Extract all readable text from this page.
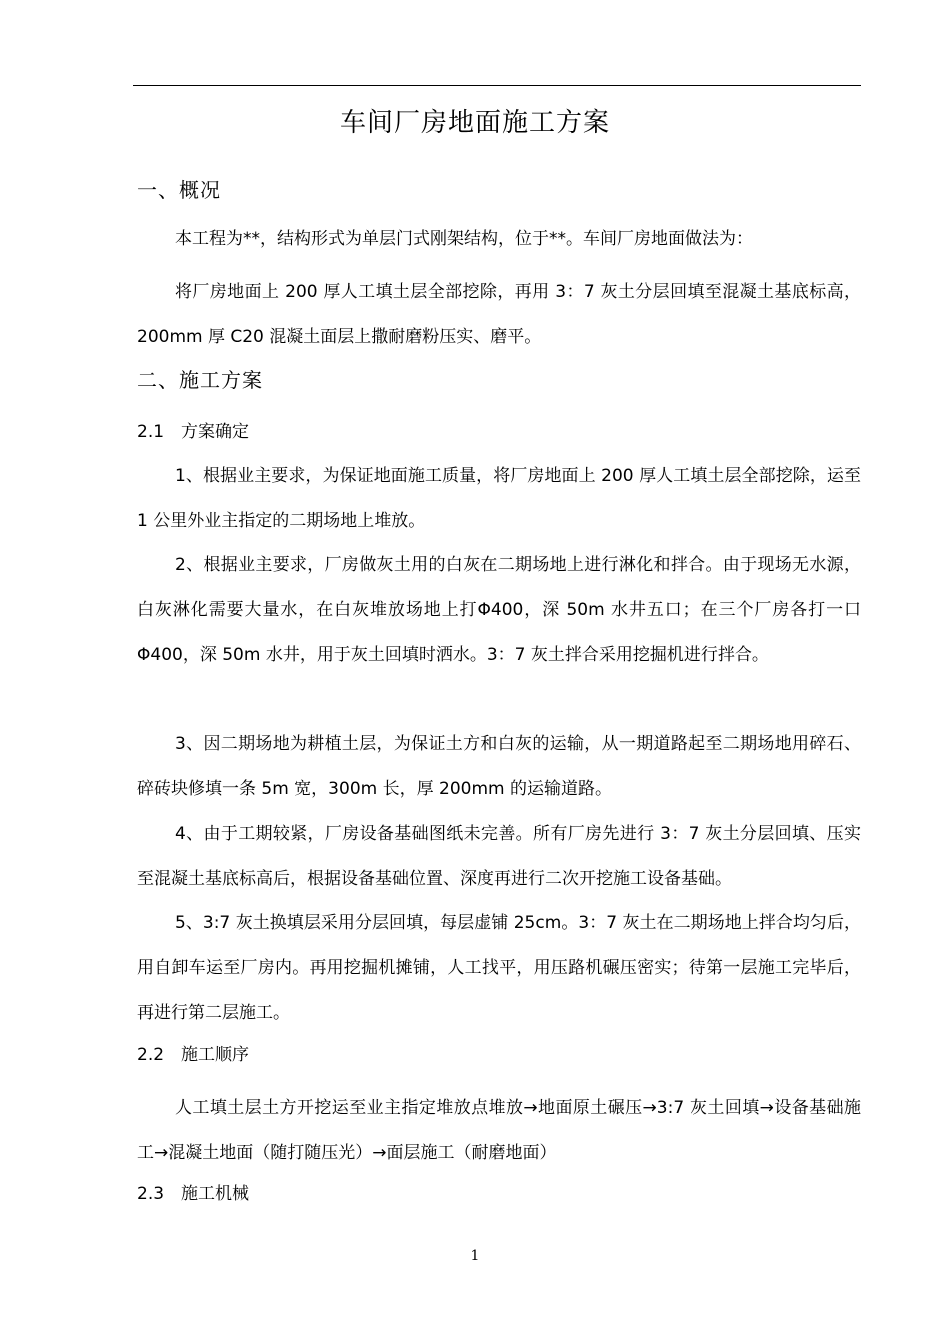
车间厂房地面施工方案
一、概况

本工程为**，结构形式为单层门式刚架结构，位于**。车间厂房地面做法为：

将厂房地面上 200 厚人工填土层全部挖除，再用 3：7 灰土分层回填至混凝土基底标高，200mm 厚 C20 混凝土面层上撒耐磨粉压实、磨平。

二、施工方案
2.1　方案确定

1、根据业主要求，为保证地面施工质量，将厂房地面上 200 厚人工填土层全部挖除，运至 1 公里外业主指定的二期场地上堆放。

2、根据业主要求，厂房做灰土用的白灰在二期场地上进行淋化和拌合。由于现场无水源，白灰淋化需要大量水，在白灰堆放场地上打Φ400，深 50m 水井五口；在三个厂房各打一口Φ400，深 50m 水井，用于灰土回填时洒水。3：7 灰土拌合采用挖掘机进行拌合。

3、因二期场地为耕植土层，为保证土方和白灰的运输，从一期道路起至二期场地用碎石、碎砖块修填一条 5m 宽，300m 长，厚 200mm 的运输道路。

4、由于工期较紧，厂房设备基础图纸未完善。所有厂房先进行 3：7 灰土分层回填、压实至混凝土基底标高后，根据设备基础位置、深度再进行二次开挖施工设备基础。

5、3:7 灰土换填层采用分层回填，每层虚铺 25cm。3：7 灰土在二期场地上拌合均匀后，用自卸车运至厂房内。再用挖掘机摊铺，人工找平，用压路机碾压密实；待第一层施工完毕后，再进行第二层施工。

2.2　施工顺序

人工填土层土方开挖运至业主指定堆放点堆放→地面原土碾压→3:7 灰土回填→设备基础施工→混凝土地面（随打随压光）→面层施工（耐磨地面）

2.3　施工机械
1
